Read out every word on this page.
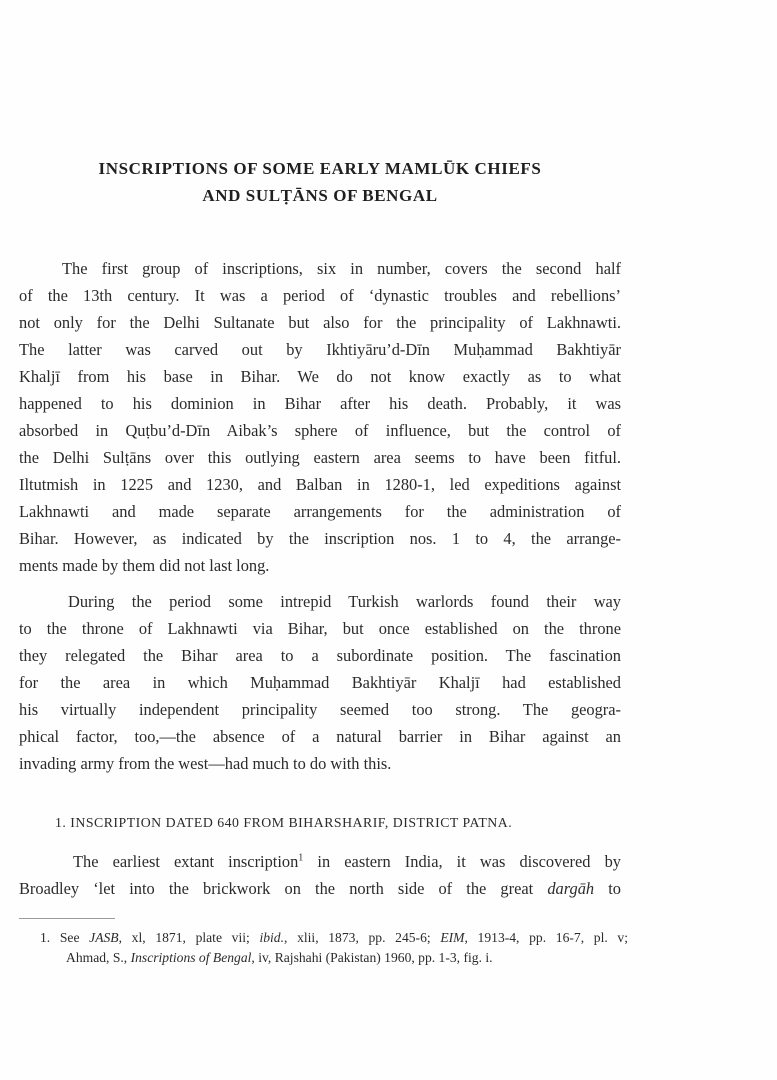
INSCRIPTIONS OF SOME EARLY MAMLŪK CHIEFS
AND SULṬĀNS OF BENGAL
The first group of inscriptions, six in number, covers the second half
of the 13th century. It was a period of ‘dynastic troubles and rebellions’
not only for the Delhi Sultanate but also for the principality of Lakhnawti.
The latter was carved out by Ikhtiyāru’d-Dīn Muḥammad Bakhtiyār
Khaljī from his base in Bihar. We do not know exactly as to what
happened to his dominion in Bihar after his death. Probably, it was
absorbed in Quṭbu’d-Dīn Aibak’s sphere of influence, but the control of
the Delhi Sulṭāns over this outlying eastern area seems to have been fitful.
Iltutmish in 1225 and 1230, and Balban in 1280-1, led expeditions against
Lakhnawti and made separate arrangements for the administration of
Bihar. However, as indicated by the inscription nos. 1 to 4, the arrange-
ments made by them did not last long.
During the period some intrepid Turkish warlords found their way
to the throne of Lakhnawti via Bihar, but once established on the throne
they relegated the Bihar area to a subordinate position. The fascination
for the area in which Muḥammad Bakhtiyār Khaljī had established
his virtually independent principality seemed too strong. The geogra-
phical factor, too,—the absence of a natural barrier in Bihar against an
invading army from the west—had much to do with this.
1. INSCRIPTION DATED 640 FROM BIHARSHARIF, DISTRICT PATNA.
The earliest extant inscription$^1$ in eastern India, it was discovered by
Broadley ‘let into the brickwork on the north side of the great dargāh to
1. See JASB, xl, 1871, plate vii; ibid., xlii, 1873, pp. 245-6; EIM, 1913-4, pp. 16-7, pl. v;
Ahmad, S., Inscriptions of Bengal, iv, Rajshahi (Pakistan) 1960, pp. 1-3, fig. i.
